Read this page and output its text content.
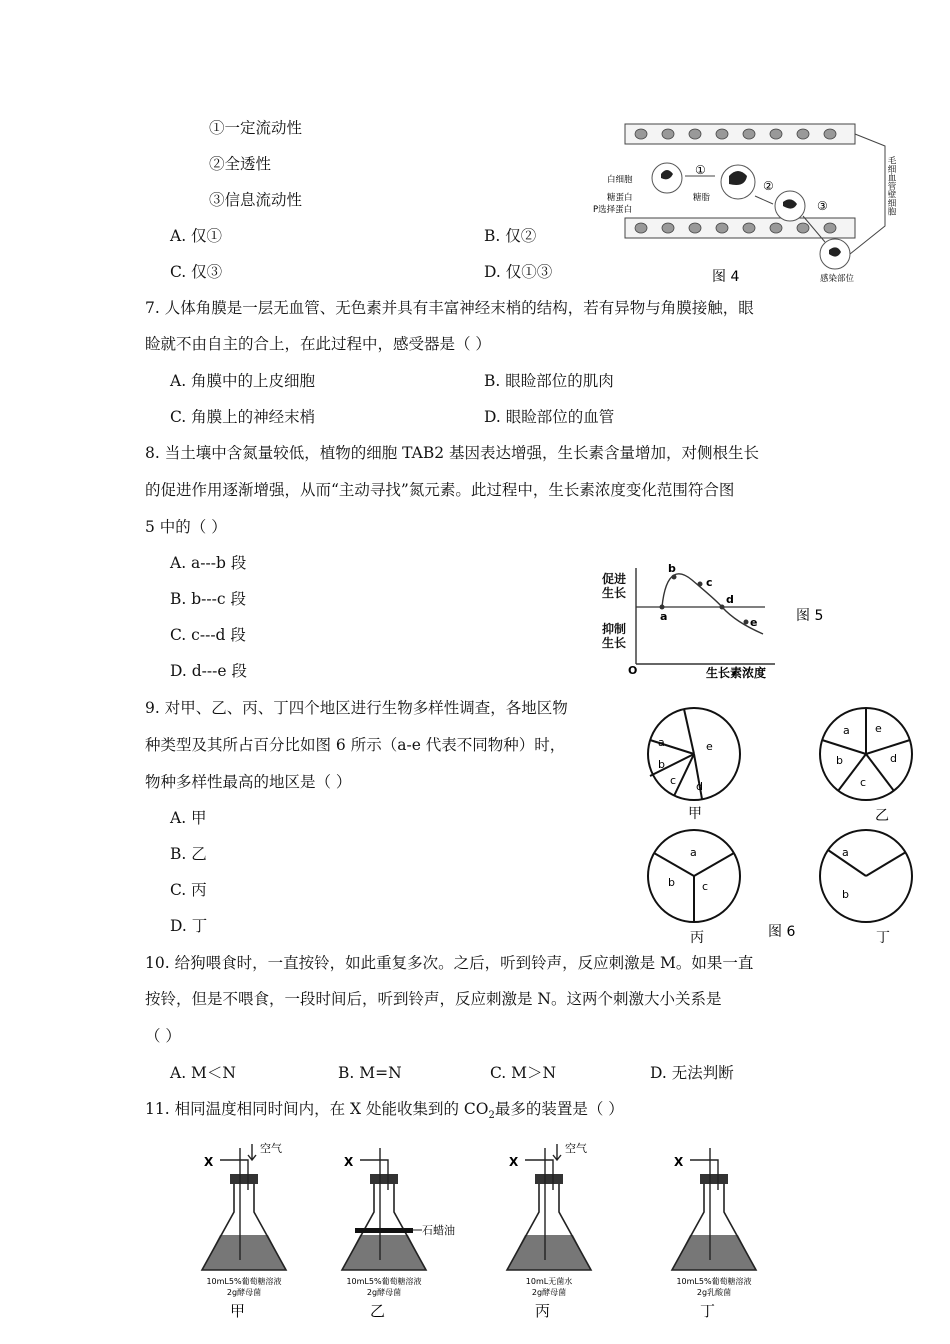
①一定流动性
②全透性
③信息流动性
A. 仅①	B. 仅②
C. 仅③	D. 仅①③
①
②
③
白细胞
糖蛋白
P选择蛋白
糖脂
感染部位
毛细血管壁细胞
图 4
7. 人体角膜是一层无血管、无色素并具有丰富神经末梢的结构，若有异物与角膜接触，眼
睑就不由自主的合上，在此过程中，感受器是（ ）
A. 角膜中的上皮细胞	B. 眼睑部位的肌肉
C. 角膜上的神经末梢	D. 眼睑部位的血管
8. 当土壤中含氮量较低，植物的细胞 TAB2 基因表达增强，生长素含量增加，对侧根生长
的促进作用逐渐增强，从而“主动寻找”氮元素。此过程中，生长素浓度变化范围符合图
5 中的（ ）
A. a---b 段
B. b---c 段
C. c---d 段
D. d---e 段
a
b
c
d
e
促进生长
抑制生长
O	生长素浓度
图 5
9. 对甲、乙、丙、丁四个地区进行生物多样性调查，各地区物
种类型及其所占百分比如图 6 所示（a-e 代表不同物种）时，
物种多样性最高的地区是（ ）
A. 甲
B. 乙
C. 丙
D. 丁
a	e
b
c d
a e
d
b
c
a
b c
a
b
甲	乙
丙	丁
图 6
10. 给狗喂食时，一直按铃，如此重复多次。之后，听到铃声，反应刺激是 M。如果一直
按铃，但是不喂食，一段时间后，听到铃声，反应刺激是 N。这两个刺激大小关系是
（ ）
A. M＜N	B. M=N	C. M＞N	D. 无法判断
11. 相同温度相同时间内，在 X 处能收集到的 $CO_2$最多的装置是（ ）
X
空气
10mL5%葡萄糖溶液
2g酵母菌
甲
X
石蜡油
10mL5%葡萄糖溶液
2g酵母菌
乙
X
空气
10mL无菌水
2g酵母菌
丙
X
10mL5%葡萄糖溶液
2g乳酸菌
丁
